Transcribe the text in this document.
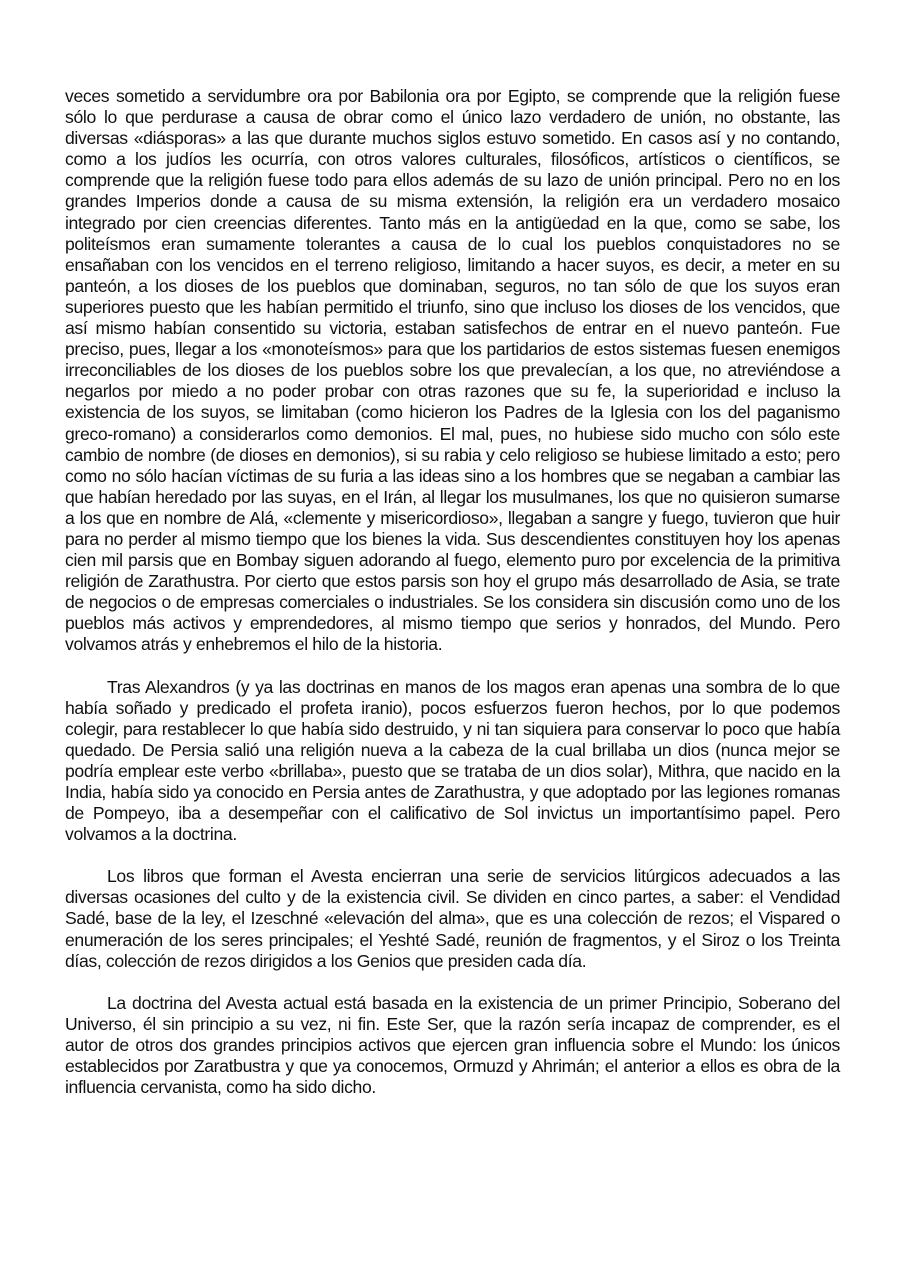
veces sometido a servidumbre ora por Babilonia ora por Egipto, se comprende que la religión fuese sólo lo que perdurase a causa de obrar como el único lazo verdadero de unión, no obstante, las diversas «diásporas» a las que durante muchos siglos estuvo sometido. En casos así y no contando, como a los judíos les ocurría, con otros valores culturales, filosóficos, artísticos o científicos, se comprende que la religión fuese todo para ellos además de su lazo de unión principal. Pero no en los grandes Imperios donde a causa de su misma extensión, la religión era un verdadero mosaico integrado por cien creencias diferentes. Tanto más en la antigüedad en la que, como se sabe, los politeísmos eran sumamente tolerantes a causa de lo cual los pueblos conquistadores no se ensañaban con los vencidos en el terreno religioso, limitando a hacer suyos, es decir, a meter en su panteón, a los dioses de los pueblos que dominaban, seguros, no tan sólo de que los suyos eran superiores puesto que les habían permitido el triunfo, sino que incluso los dioses de los vencidos, que así mismo habían consentido su victoria, estaban satisfechos de entrar en el nuevo panteón. Fue preciso, pues, llegar a los «monoteísmos» para que los partidarios de estos sistemas fuesen enemigos irreconciliables de los dioses de los pueblos sobre los que prevalecían, a los que, no atreviéndose a negarlos por miedo a no poder probar con otras razones que su fe, la superioridad e incluso la existencia de los suyos, se limitaban (como hicieron los Padres de la Iglesia con los del paganismo greco-romano) a considerarlos como demonios. El mal, pues, no hubiese sido mucho con sólo este cambio de nombre (de dioses en demonios), si su rabia y celo religioso se hubiese limitado a esto; pero como no sólo hacían víctimas de su furia a las ideas sino a los hombres que se negaban a cambiar las que habían heredado por las suyas, en el Irán, al llegar los musulmanes, los que no quisieron sumarse a los que en nombre de Alá, «clemente y misericordioso», llegaban a sangre y fuego, tuvieron que huir para no perder al mismo tiempo que los bienes la vida. Sus descendientes constituyen hoy los apenas cien mil parsis que en Bombay siguen adorando al fuego, elemento puro por excelencia de la primitiva religión de Zarathustra. Por cierto que estos parsis son hoy el grupo más desarrollado de Asia, se trate de negocios o de empresas comerciales o industriales. Se los considera sin discusión como uno de los pueblos más activos y emprendedores, al mismo tiempo que serios y honrados, del Mundo. Pero volvamos atrás y enhebremos el hilo de la historia.

Tras Alexandros (y ya las doctrinas en manos de los magos eran apenas una sombra de lo que había soñado y predicado el profeta iranio), pocos esfuerzos fueron hechos, por lo que podemos colegir, para restablecer lo que había sido destruido, y ni tan siquiera para conservar lo poco que había quedado. De Persia salió una religión nueva a la cabeza de la cual brillaba un dios (nunca mejor se podría emplear este verbo «brillaba», puesto que se trataba de un dios solar), Mithra, que nacido en la India, había sido ya conocido en Persia antes de Zarathustra, y que adoptado por las legiones romanas de Pompeyo, iba a desempeñar con el calificativo de Sol invictus un importantísimo papel. Pero volvamos a la doctrina.

Los libros que forman el Avesta encierran una serie de servicios litúrgicos adecuados a las diversas ocasiones del culto y de la existencia civil. Se dividen en cinco partes, a saber: el Vendidad Sadé, base de la ley, el Izeschné «elevación del alma», que es una colección de rezos; el Vispared o enumeración de los seres principales; el Yeshté Sadé, reunión de fragmentos, y el Siroz o los Treinta días, colección de rezos dirigidos a los Genios que presiden cada día.

La doctrina del Avesta actual está basada en la existencia de un primer Principio, Soberano del Universo, él sin principio a su vez, ni fin. Este Ser, que la razón sería incapaz de comprender, es el autor de otros dos grandes principios activos que ejercen gran influencia sobre el Mundo: los únicos establecidos por Zaratbustra y que ya conocemos, Ormuzd y Ahrimán; el anterior a ellos es obra de la influencia cervanista, como ha sido dicho.
